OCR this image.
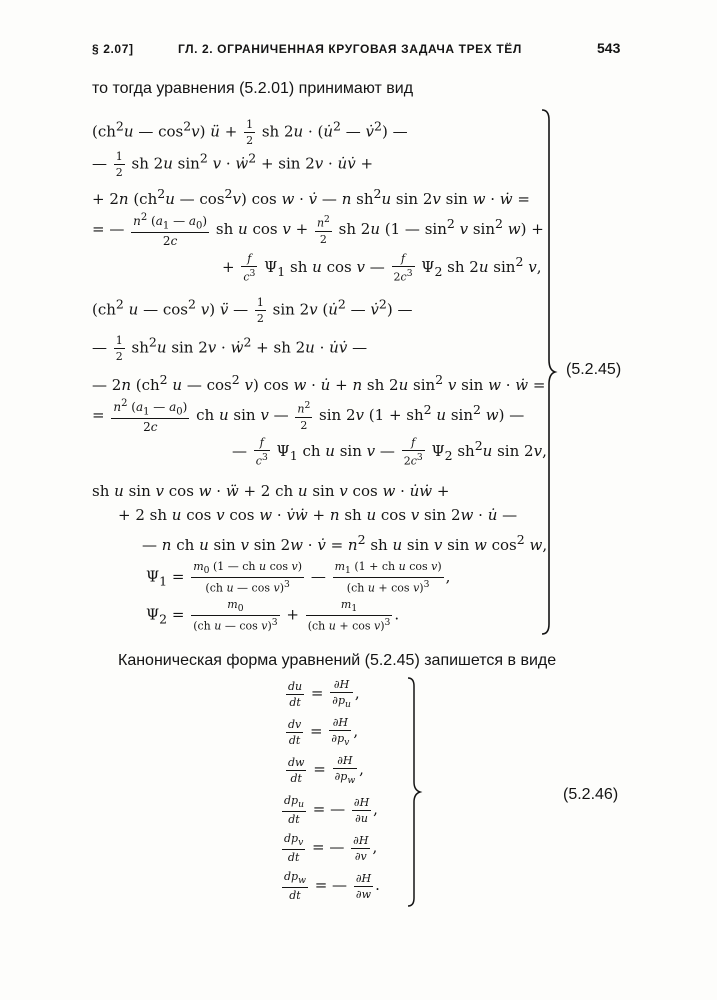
§ 2.07]	ГЛ. 2. ОГРАНИЧЕННАЯ КРУГОВАЯ ЗАДАЧА ТРЕХ ТЁЛ	543
то тогда уравнения (5.2.01) принимают вид
($ch^2u$ — $\cos^2v$) ü + $\frac{1}{2}$ sh 2u · (u̇$^2$ — v̇$^2$) —
— $\frac{1}{2}$ sh 2u $\sin^2 v$ · ẇ$^2$ + sin 2v · u̇v̇ +
+ 2n ($ch^2u$ — $\cos^2v$) cos w · v̇ — n $sh^2u$ sin 2v sin w · ẇ =
= — $\frac{n^2 (a_1 — a_0)}{2c}$ sh u $\cos v + \frac{n^2}{2}$ sh 2u (1 — $\sin^2 v$ $\sin^2 w$) +
+ $\frac{f}{c^3} \Psi_1$ sh u cos v — $\frac{f}{2c^3} \Psi_2$ sh 2u $\sin^2 v$,
($ch^2$ u — $\cos^2 v$) v̈ — $\frac{1}{2}$ sin 2v (u̇$^2$ — v̇$^2$) —
— $\frac{1}{2} sh^2u$ sin 2v · ẇ$^2$ + sh 2u · u̇v̇ —
— 2n ($ch^2$ u — $\cos^2 v$) cos w · u̇ + n sh 2u $\sin^2 v$ sin w · ẇ =
= $\frac{n^2 (a_1 — a_0)}{2c}$ ch u sin v — $\frac{n^2}{2}$ sin 2v ($1 + sh^2$ u $\sin^2 w$) —
— $\frac{f}{c^3} \Psi_1$ ch u sin v — $\frac{f}{2c^3} \Psi_2$ $sh^2u$ sin 2v,
sh u sin v cos w · ẅ + 2 ch u sin v cos w · u̇ẇ +
+ 2 sh u cos v cos w · v̇ẇ + n sh u cos v sin 2w · u̇ —
— n ch u sin v sin 2w · v̇ = $n^2$ sh u sin v sin w $\cos^2 w$,
$\Psi_1 = \frac{m_0 (1 — ch u \cos v)}{(ch u — \cos v)^3}$ — $\frac{m_1 (1 + ch u \cos v)}{(ch u + \cos v)^3}$ ,
$\Psi_2 = \frac{m_0}{(ch u — \cos v)^3} + \frac{m_1}{(ch u + \cos v)^3}$ .
(5.2.45)
Каноническая форма уравнений (5.2.45) запишется в виде
$\frac{du}{dt} = \frac{\partial H}{\partial p_u}$ ,
$\frac{dv}{dt} = \frac{\partial H}{\partial p_v}$ ,
$\frac{dw}{dt} = \frac{\partial H}{\partial p_w}$ ,
$\frac{dp_u}{dt}$ = — $\frac{\partial H}{\partial u}$ ,
$\frac{dp_v}{dt}$ = — $\frac{\partial H}{\partial v}$ ,
$\frac{dp_w}{dt}$ = — $\frac{\partial H}{\partial w}$ .
(5.2.46)
